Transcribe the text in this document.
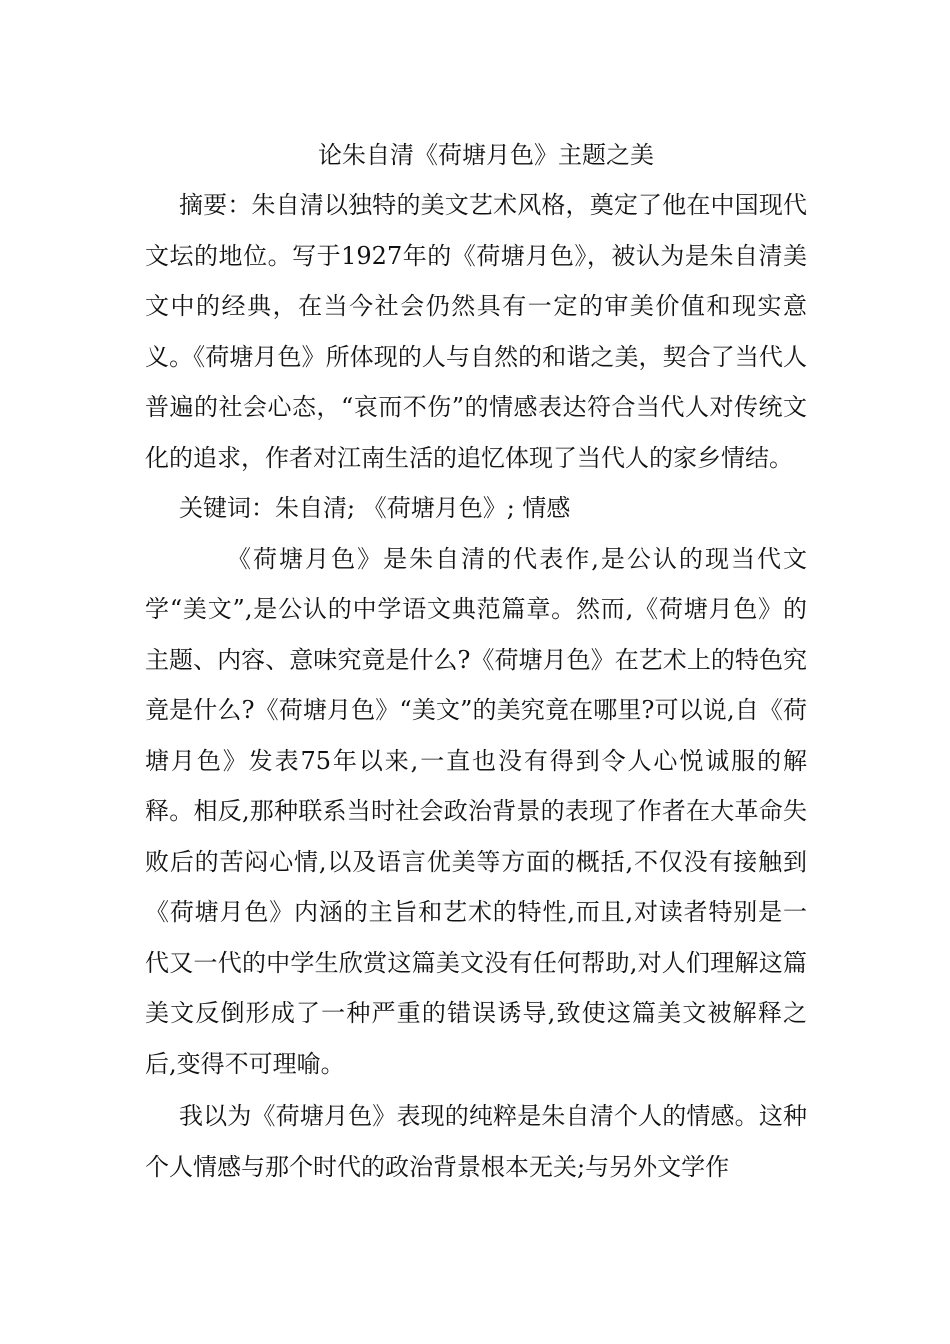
论朱自清《荷塘月色》主题之美

摘要：朱自清以独特的美文艺术风格，奠定了他在中国现代文坛的地位。写于1927年的《荷塘月色》，被认为是朱自清美文中的经典，在当今社会仍然具有一定的审美价值和现实意义。《荷塘月色》所体现的人与自然的和谐之美，契合了当代人普遍的社会心态，“哀而不伤”的情感表达符合当代人对传统文化的追求，作者对江南生活的追忆体现了当代人的家乡情结。

关键词：朱自清; 《荷塘月色》; 情感

《荷塘月色》是朱自清的代表作,是公认的现当代文学“美文”,是公认的中学语文典范篇章。然而,《荷塘月色》的主题、内容、意味究竟是什么?《荷塘月色》在艺术上的特色究竟是什么?《荷塘月色》“美文”的美究竟在哪里?可以说,自《荷塘月色》发表75年以来,一直也没有得到令人心悦诚服的解释。相反,那种联系当时社会政治背景的表现了作者在大革命失败后的苦闷心情,以及语言优美等方面的概括,不仅没有接触到《荷塘月色》内涵的主旨和艺术的特性,而且,对读者特别是一代又一代的中学生欣赏这篇美文没有任何帮助,对人们理解这篇美文反倒形成了一种严重的错误诱导,致使这篇美文被解释之后,变得不可理喻。

我以为《荷塘月色》表现的纯粹是朱自清个人的情感。这种个人情感与那个时代的政治背景根本无关;与另外文学作
